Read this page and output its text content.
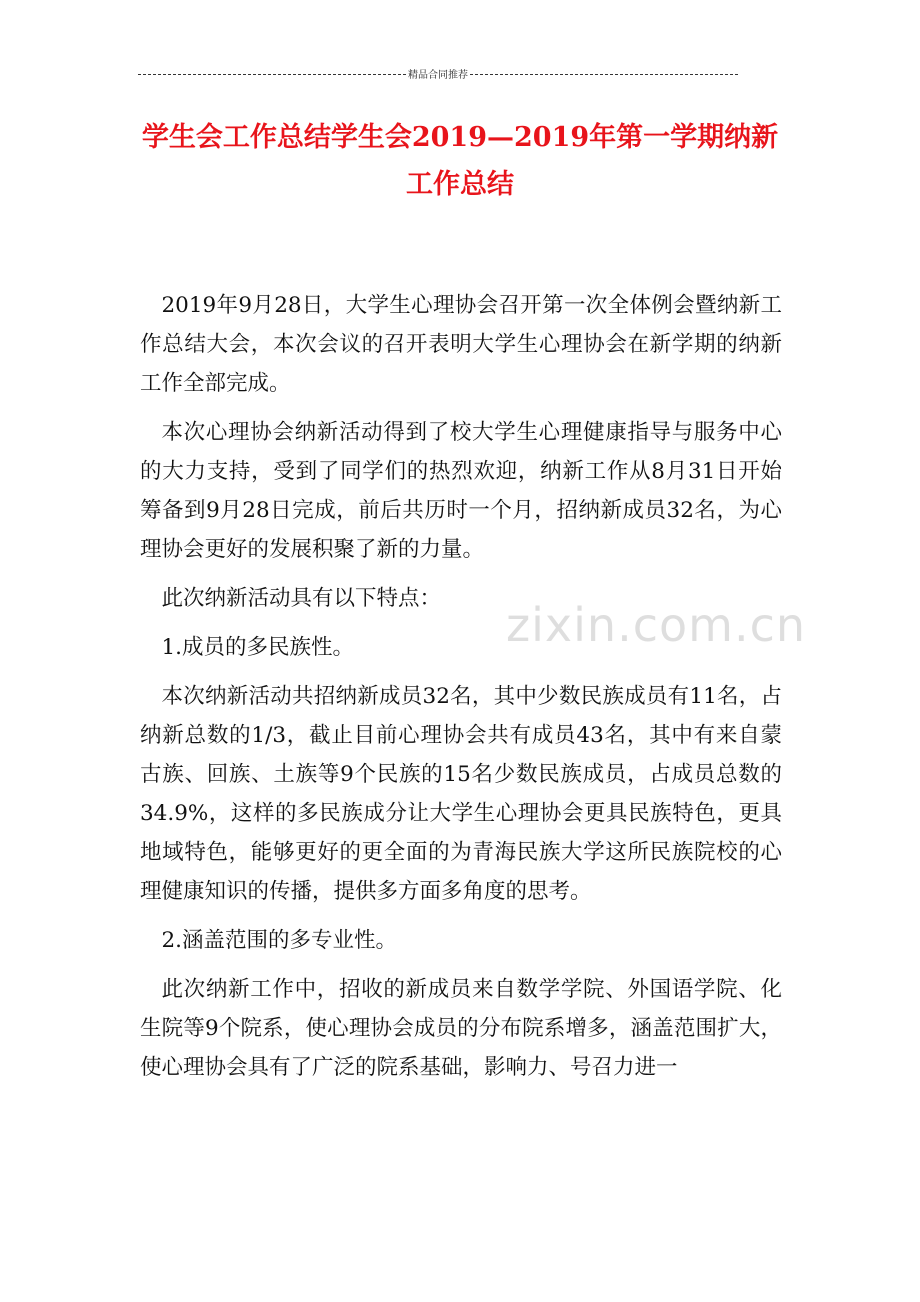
精品合同推荐
学生会工作总结学生会2019—2019年第一学期纳新工作总结

2019年9月28日，大学生心理协会召开第一次全体例会暨纳新工作总结大会，本次会议的召开表明大学生心理协会在新学期的纳新工作全部完成。

本次心理协会纳新活动得到了校大学生心理健康指导与服务中心的大力支持，受到了同学们的热烈欢迎，纳新工作从8月31日开始筹备到9月28日完成，前后共历时一个月，招纳新成员32名，为心理协会更好的发展积聚了新的力量。

此次纳新活动具有以下特点：

1.成员的多民族性。

本次纳新活动共招纳新成员32名，其中少数民族成员有11名，占纳新总数的1/3，截止目前心理协会共有成员43名，其中有来自蒙古族、回族、土族等9个民族的15名少数民族成员，占成员总数的34.9%，这样的多民族成分让大学生心理协会更具民族特色，更具地域特色，能够更好的更全面的为青海民族大学这所民族院校的心理健康知识的传播，提供多方面多角度的思考。

2.涵盖范围的多专业性。

此次纳新工作中，招收的新成员来自数学学院、外国语学院、化生院等9个院系，使心理协会成员的分布院系增多，涵盖范围扩大，使心理协会具有了广泛的院系基础，影响力、号召力进一

zixin.com.cn
